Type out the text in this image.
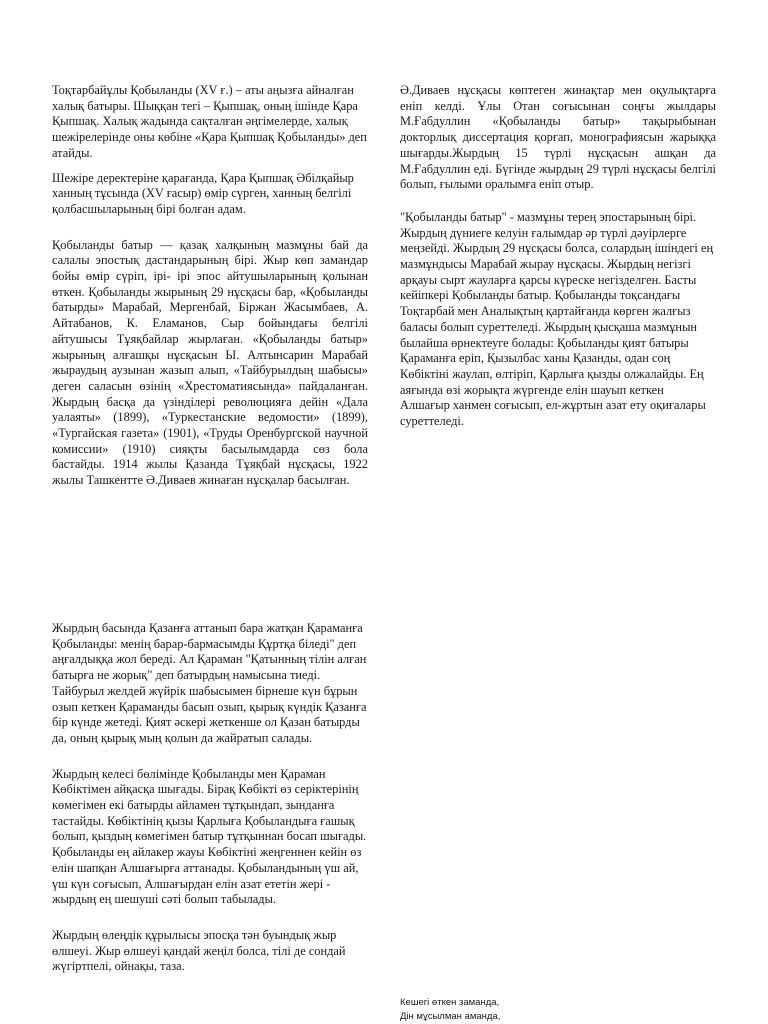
Тоқтарбайұлы Қобыланды (XV ғ.) – аты аңызға айналған халық батыры. Шыққан тегі – Қыпшақ, оның ішінде Қара Қыпшақ. Халық жадында сақталған әңгімелерде, халық шежірелерінде оны көбіне «Қара Қыпшақ Қобыланды» деп атайды.

Шежіре деректеріне қарағанда, Қара Қыпшақ Әбілқайыр ханның тұсында (XV ғасыр) өмір сүрген, ханның белгілі қолбасшыларының бірі болған адам.

Қобыланды батыр — қазақ халқының мазмұны бай да салалы эпостық дастандарының бірі. Жыр көп замандар бойы өмір сүріп, ірі- ірі эпос айтушыларының қолынан өткен. Қобыланды жырының 29 нұсқасы бар, «Қобыланды батырды» Марабай, Мергенбай, Біржан Жасымбаев, А. Айтабанов, К. Еламанов, Сыр бойындағы белгілі айтушысы Тұяқбайлар жырлаған. «Қобыланды батыр» жырының алғашқы нұсқасын Ы. Алтынсарин Марабай жыраудың аузынан жазып алып, «Тайбурылдың шабысы» деген саласын өзінің «Хрестоматиясында» пайдаланған. Жырдың басқа да үзінділері революцияға дейін «Дала уалаяты» (1899), «Туркестанские ведомости» (1899), «Тургайская газета» (1901), «Труды Оренбургской научной комиссии» (1910) сияқты басылымдарда сөз бола бастайды. 1914 жылы Қазанда Тұяқбай нұсқасы, 1922 жылы Ташкентте Ә.Диваев жинаған нұсқалар басылған.

Ә.Диваев нұсқасы көптеген жинақтар мен оқулықтарға еніп келді. Ұлы Отан соғысынан соңғы жылдары М.Ғабдуллин «Қобыланды батыр» тақырыбынан докторлық диссертация қорғап, монографиясын жарыққа шығарды.Жырдың 15 түрлі нұсқасын ашқан да М.Ғабдуллин еді. Бүгінде жырдың 29 түрлі нұсқасы белгілі болып, ғылыми оралымға еніп отыр.

"Қобыланды батыр" - мазмұны терең эпостарының бірі. Жырдың дүниеге келуін ғалымдар әр түрлі дәуірлерге меңзейді. Жырдың 29 нұсқасы болса, солардың ішіндегі ең мазмұндысы Марабай жырау нұсқасы. Жырдың негізгі арқауы сырт жауларға қарсы күреске негізделген. Басты кейіпкері Қобыланды батыр. Қобыланды тоқсандағы Тоқтарбай мен Аналықтың қартайғанда көрген жалғыз баласы болып суреттеледі. Жырдың қысқаша мазмұнын былайша өрнектеуге болады: Қобыланды қият батыры Қараманға еріп, Қызылбас ханы Қазанды, одан соң Көбіктіні жаулап, өлтіріп, Қарлыға қызды олжалайды. Ең аяғында өзі жорықта жүргенде елін шауып кеткен Алшағыр ханмен соғысып, ел-жұртын азат ету оқиғалары суреттеледі.

Жырдың басында Қазанға аттанып бара жатқан Қараманға Қобыланды: менің барар-бармасымды Құртқа біледі" деп аңғалдыққа жол береді. Ал Қараман "Қатынның тілін алған батырға не жорық" деп батырдың намысына тиеді. Тайбурыл желдей жүйрік шабысымен бірнеше күн бұрын озып кеткен Қараманды басып озып, қырық күндік Қазанға бір күнде жетеді. Қият әскері жеткенше ол Қазан батырды да, оның қырық мың қолын да жайратып салады.

Жырдың келесі бөлімінде Қобыланды мен Қараман Көбіктімен айқасқа шығады. Бірақ Көбікті өз серіктерінің көмегімен екі батырды айламен тұтқындап, зынданға тастайды. Көбіктінің қызы Қарлыға Қобыландыға ғашық болып, қыздың көмегімен батыр тұтқыннан босап шығады. Қобыланды ең айлакер жауы Көбіктіні жеңгеннен кейін өз елін шапқан Алшағырға аттанады. Қобыландының үш ай, үш күн соғысып, Алшағырдан елін азат ететін жері - жырдың ең шешуші сәті болып табылады.

Жырдың өлеңдік құрылысы эпосқа тән буындық жыр өлшеуі. Жыр өлшеуі қандай жеңіл болса, тілі де сондай жүгіртпелі, ойнақы, таза.

Кешегі өткен заманда,
Дін мұсылман аманда,
